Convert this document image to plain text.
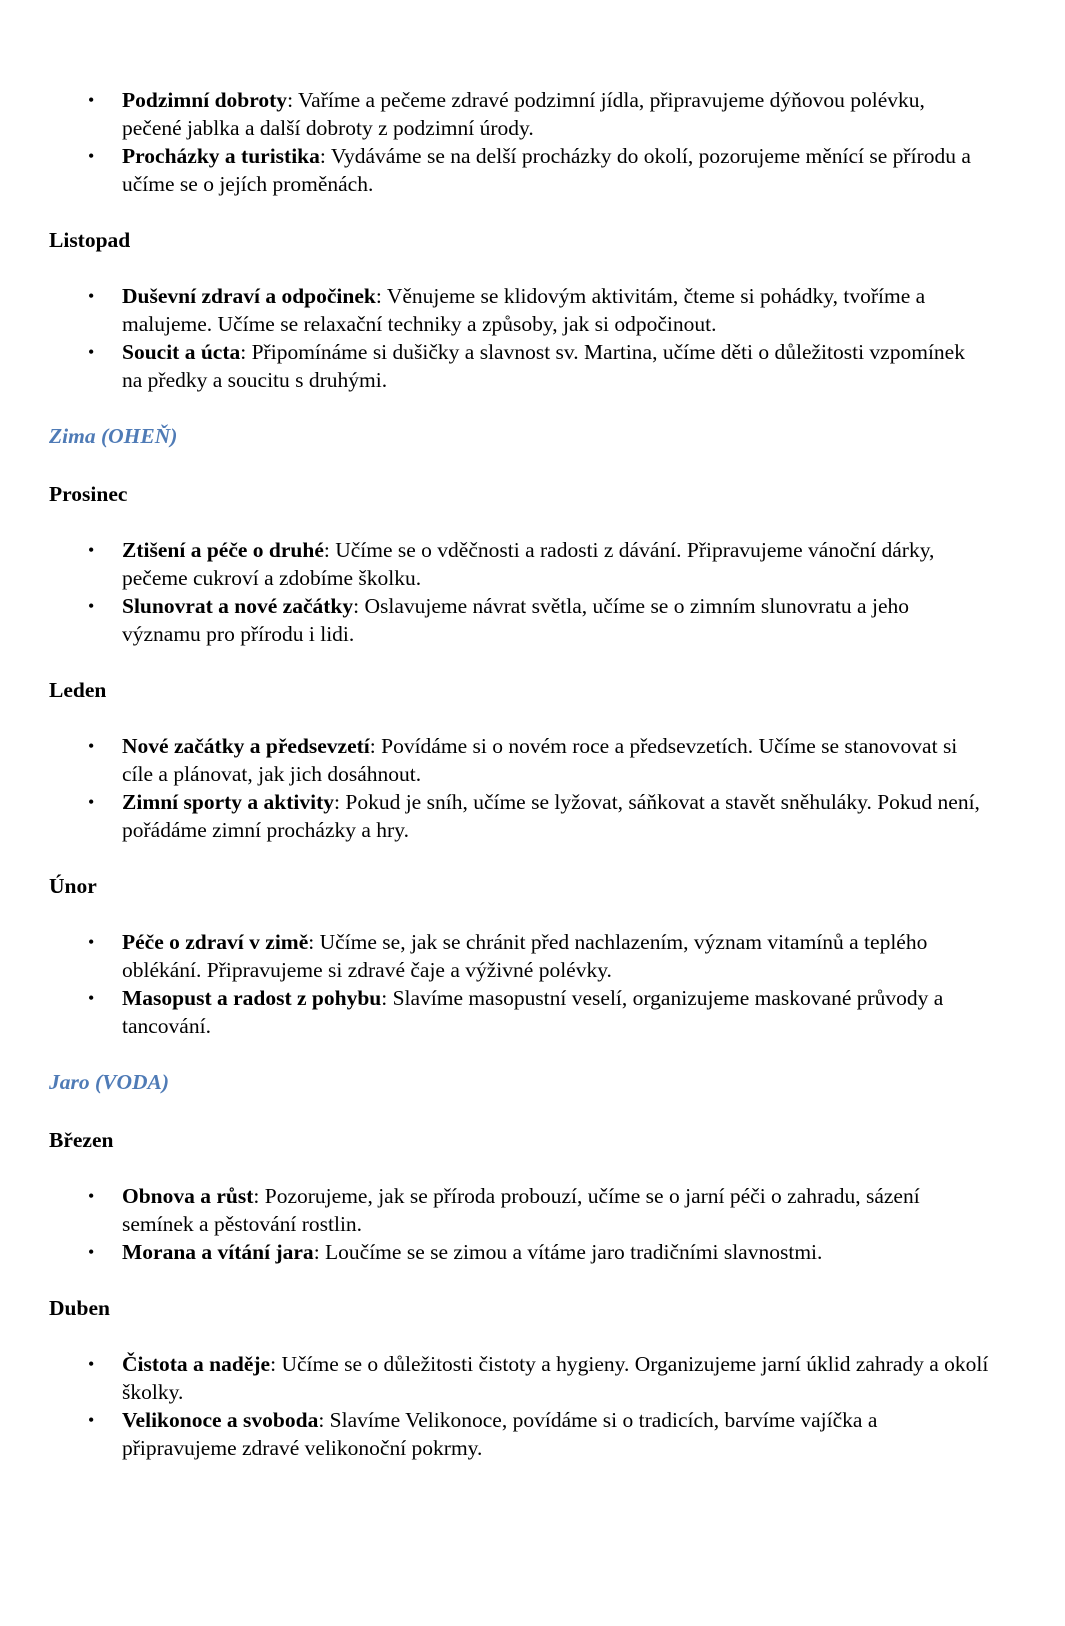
• Podzimní dobroty: Vaříme a pečeme zdravé podzimní jídla, připravujeme dýňovou polévku, pečené jablka a další dobroty z podzimní úrody.
• Procházky a turistika: Vydáváme se na delší procházky do okolí, pozorujeme měnící se přírodu a učíme se o jejích proměnách.

Listopad

• Duševní zdraví a odpočinek: Věnujeme se klidovým aktivitám, čteme si pohádky, tvoříme a malujeme. Učíme se relaxační techniky a způsoby, jak si odpočinout.
• Soucit a úcta: Připomínáme si dušičky a slavnost sv. Martina, učíme děti o důležitosti vzpomínek na předky a soucitu s druhými.

Zima (OHEŇ)

Prosinec

• Ztišení a péče o druhé: Učíme se o vděčnosti a radosti z dávání. Připravujeme vánoční dárky, pečeme cukroví a zdobíme školku.
• Slunovrat a nové začátky: Oslavujeme návrat světla, učíme se o zimním slunovratu a jeho významu pro přírodu i lidi.

Leden

• Nové začátky a předsevzetí: Povídáme si o novém roce a předsevzetích. Učíme se stanovovat si cíle a plánovat, jak jich dosáhnout.
• Zimní sporty a aktivity: Pokud je sníh, učíme se lyžovat, sáňkovat a stavět sněhuláky. Pokud není, pořádáme zimní procházky a hry.

Únor

• Péče o zdraví v zimě: Učíme se, jak se chránit před nachlazením, význam vitamínů a teplého oblékání. Připravujeme si zdravé čaje a výživné polévky.
• Masopust a radost z pohybu: Slavíme masopustní veselí, organizujeme maskované průvody a tancování.

Jaro (VODA)

Březen

• Obnova a růst: Pozorujeme, jak se příroda probouzí, učíme se o jarní péči o zahradu, sázení semínek a pěstování rostlin.
• Morana a vítání jara: Loučíme se se zimou a vítáme jaro tradičními slavnostmi.

Duben

• Čistota a naděje: Učíme se o důležitosti čistoty a hygieny. Organizujeme jarní úklid zahrady a okolí školky.
• Velikonoce a svoboda: Slavíme Velikonoce, povídáme si o tradicích, barvíme vajíčka a připravujeme zdravé velikonoční pokrmy.
